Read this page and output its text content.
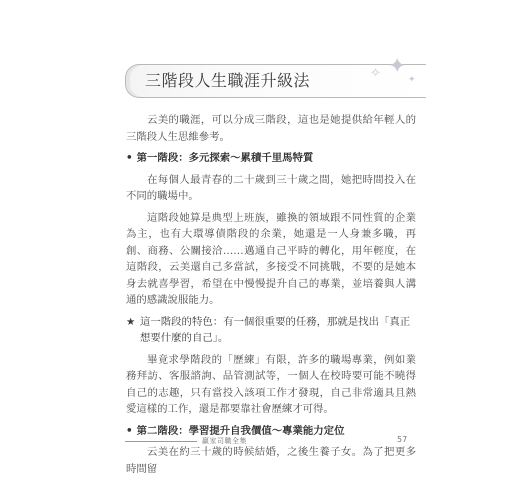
三階段人生職涯升級法
✦
✧	✦

云美的職涯，可以分成三階段，這也是她提供給年輕人的三階段人生思維參考。

• 第一階段：多元探索～累積千里馬特質

在每個人最青春的二十歲到三十歲之間，她把時間投入在不同的職場中。

這階段她算是典型上班族，雖換的領域跟不同性質的企業為主，也有大環導債階段的余業，她還是一人身兼多職，再創、商務、公關接洽……邁通自己平時的轉化，用年輕度，在這階段，云美還自己多當試，多接受不同挑戰，不要的是她本身去就喜學習，希望在中慢慢提升自己的專業，並培養與人溝通的感識說服能力。

★ 這一階段的特色：有一個很重要的任務，那就是找出「真正想要什麼的自己」。

畢竟求學階段的「歷練」有限，許多的職場專業，例如業務拜訪、客服諮詢、品管測試等，一個人在校時要可能不曉得自己的志趣，只有當投入該項工作才發現，自己非常適具且熱愛這樣的工作，還是都要靠社會歷練才可得。

• 第二階段：學習提升自我價值～專業能力定位

云美在約三十歲的時候結婚，之後生養子女。為了把更多時間留

贏家司職全集	57
